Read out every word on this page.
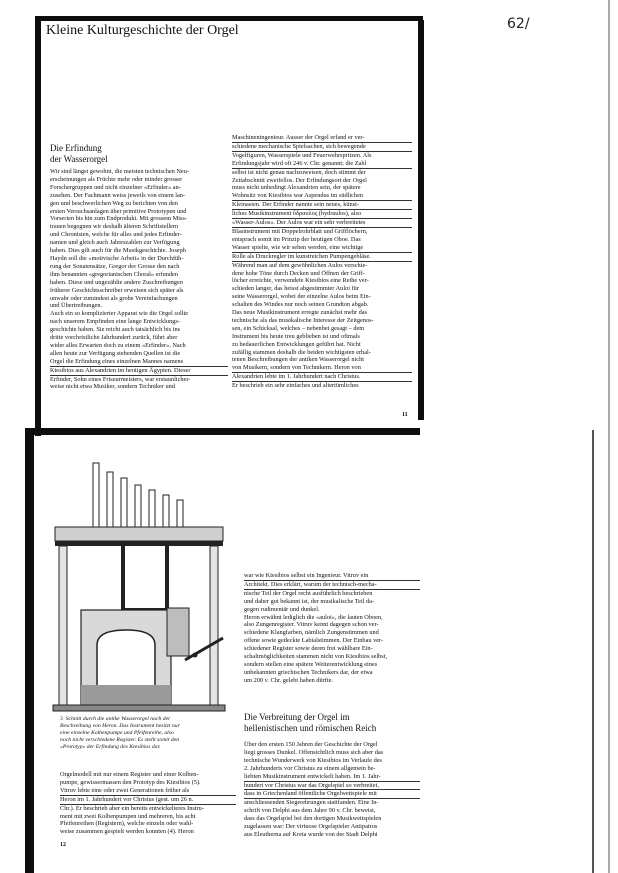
Kleine Kulturgeschichte der Orgel	62/
Die Erfindung
der Wasserorgel
Wir sind längst gewohnt, die meisten technischen Neu-
erscheinungen als Früchte mehr oder minder grosser
Forschergruppen und nicht einzelner «Erfinder» an-
zusehen. Der Fachmann weiss jeweils von einem lan-
gen und beschwerlichen Weg zu berichten von den
ersten Versuchsanlagen über primitive Prototypen und
Vorserien bis hin zum Endprodukt. Mit grossem Miss-
trauen begegnen wir deshalb älteren Schriftstellern
und Chronisten, welche für alles und jedes Erfinder-
namen und gleich auch Jahreszahlen zur Verfügung
haben. Dies gilt auch für die Musikgeschichte. Joseph
Haydn soll die «motivische Arbeit» in der Durchfüh-
rung der Sonatensätze, Gregor der Grosse den nach
ihm benannten «gregorianischen Choral» erfunden
haben. Diese und ungezählte andere Zuschreibungen
früherer Geschichtsschreiber erweisen sich später als
unwahr oder zumindest als grobe Vereinfachungen
und Übertreibungen.
Auch ein so komplizierter Apparat wie die Orgel sollte
nach unserem Empfinden eine lange Entwicklungs-
geschichte haben. Sie reicht auch tatsächlich bis ins
dritte vorchristliche Jahrhundert zurück, führt aber
wider alles Erwarten doch zu einem «Erfinder». Nach
allen heute zur Verfügung stehenden Quellen ist die
Orgel die Erfindung eines einzelnen Mannes namens
Ktesibios aus Alexandrien im heutigen Ägypten. Dieser
Erfinder, Sohn eines Friseurmeisters, war erstaunlicher-
weise nicht etwa Musiker, sondern Techniker und
Maschineningenieur. Ausser der Orgel erfand er ver-
schiedene mechanische Spielsachen, sich bewegende
Vogelfiguren, Wasserspiele und Feuerwehrspritzen. Als
Erfindungsjahr wird oft 246 v. Chr. genannt; die Zahl
selbst ist nicht genau nachzuweisen, doch stimmt der
Zeitabschnitt zweifellos. Der Erfindungsort der Orgel
muss nicht unbedingt Alexandrien sein, der spätere
Wohnsitz von Ktesibios war Aspendus im südlichen
Kleinasien. Der Erfinder nannte sein neues, künst-
liches Musikinstrument ὕδραυλος (hydraulos), also
«Wasser-Aulos». Der Aulos war ein sehr verbreitetes
Blasinstrument mit Doppelrohrblatt und Grifflöchern,
entsprach somit im Prinzip der heutigen Oboe. Das
Wasser spielte, wie wir sehen werden, eine wichtige
Rolle als Druckregler im kunstreichen Pumpengebläse.
Während man auf dem gewöhnlichen Aulos verschie-
dene hohe Töne durch Decken und Öffnen der Griff-
löcher erreichte, verwendete Ktesibios eine Reihe ver-
schieden langer, das heisst abgestimmter Auloi für
seine Wasserorgel, wobei der einzelne Aulos beim Ein-
schalten des Windes nur noch seinen Grundton abgab.
Das neue Musikinstrument erregte zunächst mehr das
technische als das musikalische Interesse der Zeitgenos-
sen, ein Schicksal, welches – nebenbei gesagt – dem
Instrument bis heute treu geblieben ist und oftmals
zu bedauerlichen Entwicklungen geführt hat. Nicht
zufällig stammen deshalb die beiden wichtigsten erhal-
tenen Beschreibungen der antiken Wasserorgel nicht
von Musikern, sondern von Technikern. Heron von
Alexandrien lebte im 1. Jahrhundert nach Christus.
Er beschrieb ein sehr einfaches und altertümliches
11
3 Schnitt durch die antike Wasserorgel nach der
Beschreibung von Heron. Das Instrument besitzt nur
eine einzelne Kolbenpumpe und Pfeifenreihe, also
noch nicht verschiedene Register. Es stellt somit den
«Prototyp» der Erfindung des Ktesibios dar.
war wie Ktesibios selbst ein Ingenieur. Vitruv ein
Architekt. Dies erklärt, warum der technisch-mecha-
nische Teil der Orgel recht ausführlich beschrieben
und daher gut bekannt ist, der musikalische Teil da-
gegen rudimentär und dunkel.
Heron erwähnt lediglich die «auloi», die lauten Oboen,
also Zungenregister. Vitruv kennt dagegen schon ver-
schiedene Klangfarben, nämlich Zungenstimmen und
offene sowie gedeckte Labialstimmen. Der Einbau ver-
schiedener Register sowie deren frei wählbare Ein-
schaltmöglichkeiten stammen nicht von Ktesibios selbst,
sondern stellen eine spätere Weiterentwicklung eines
unbekannten griechischen Technikers dar, der etwa
um 200 v. Chr. gelebt haben dürfte.
Die Verbreitung der Orgel im
hellenistischen und römischen Reich
Über den ersten 150 Jahren der Geschichte der Orgel
liegt grosses Dunkel. Offensichtlich muss sich aber das
technische Wunderwerk von Ktesibios im Verlaufe des
2. Jahrhunderts vor Christus zu einem allgemein be-
liebten Musikinstrument entwickelt haben. Im 1. Jahr-
hundert vor Christus war das Orgelspiel so verbreitet,
dass in Griechenland öffentliche Orgelwettspiele mit
anschliessenden Siegerehrungen stattfanden. Eine In-
schrift von Delphi aus dem Jahre 90 v. Chr. beweist,
dass das Orgelspiel bei den dortigen Musikwettspielen
zugelassen war: Der virtuose Orgelspieler Antipatros
aus Eleutherna auf Kreta wurde von der Stadt Delphi
Orgelmodell mit nur einem Register und einer Kolben-
pumpe, gewissermassen den Prototyp des Ktesibios (5).
Vitruv lebte eine oder zwei Generationen früher als
Heron im 1. Jahrhundert vor Christus (gest. um 26 n.
Chr.). Er beschrieb aber ein bereits entwickelteres Instru-
ment mit zwei Kolbenpumpen und mehreren, bis acht
Pfeifenreihen (Registern), welche einzeln oder wahl-
weise zusammen gespielt werden konnten (4). Heron
12
